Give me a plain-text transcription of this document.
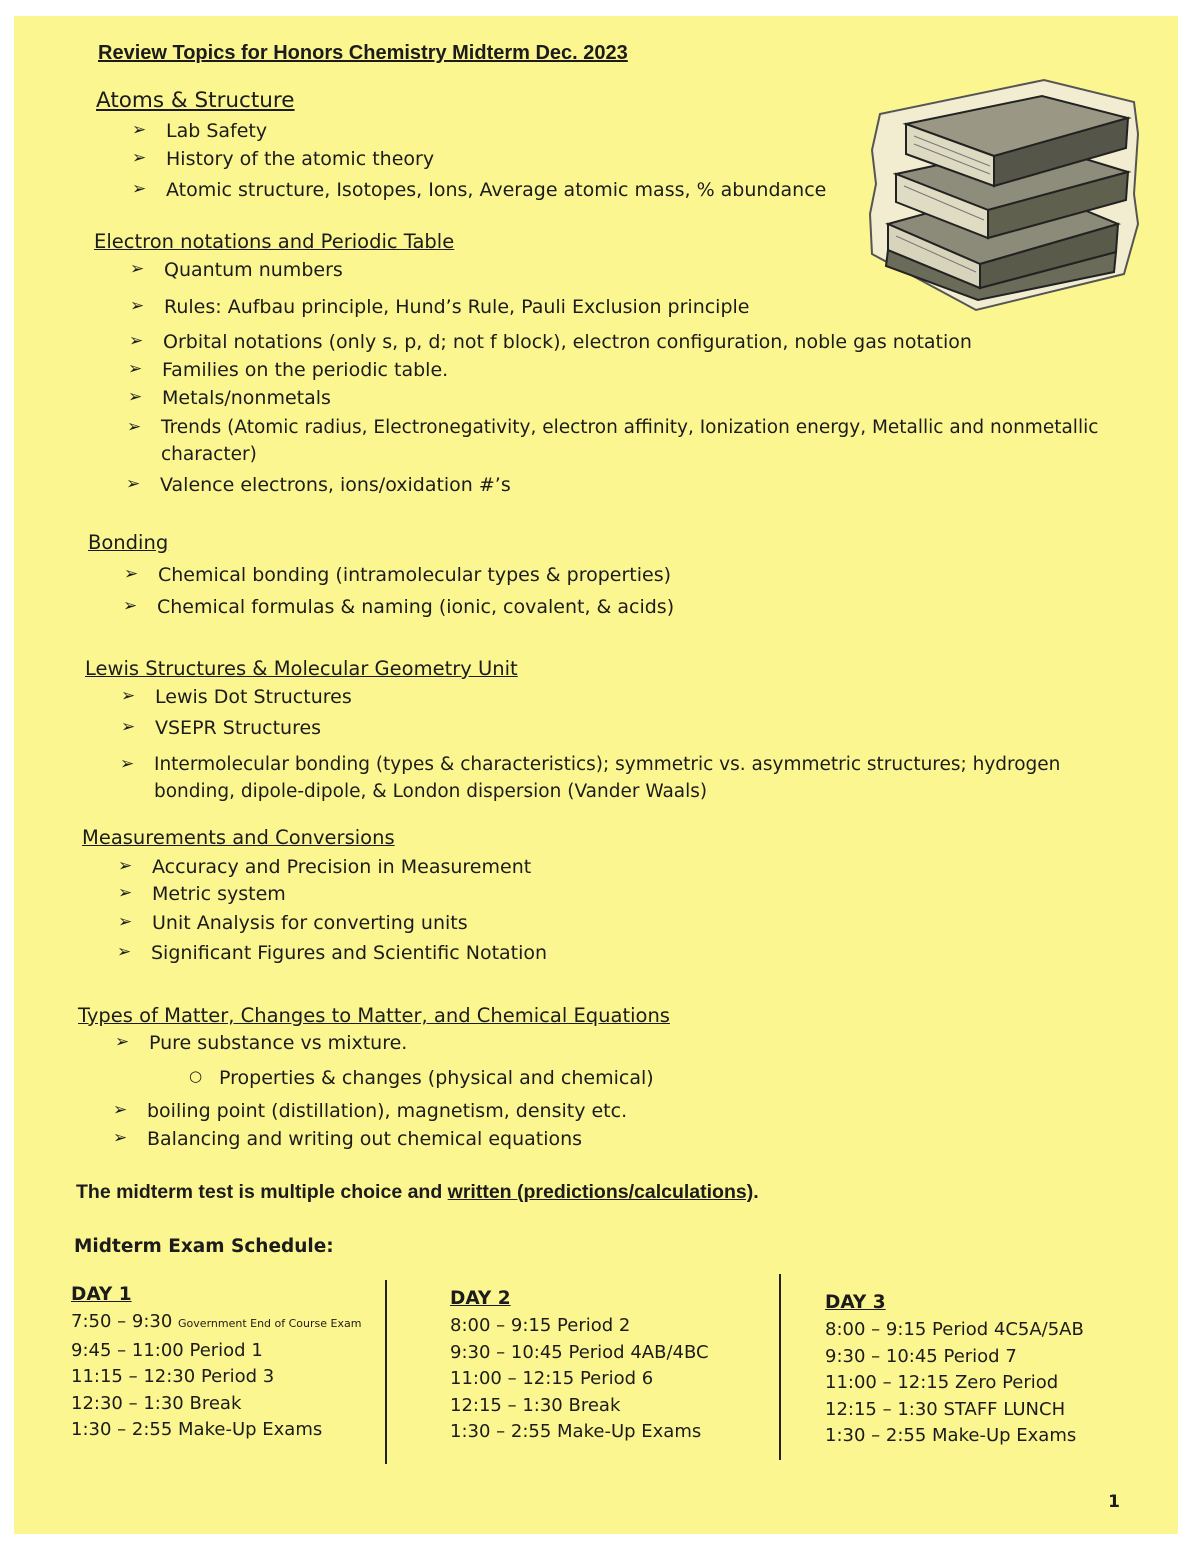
Review Topics for Honors Chemistry Midterm Dec. 2023
Atoms & Structure
➢ Lab Safety
➢ History of the atomic theory
➢ Atomic structure, Isotopes, Ions, Average atomic mass, % abundance
Electron notations and Periodic Table
➢ Quantum numbers
➢ Rules: Aufbau principle, Hund’s Rule, Pauli Exclusion principle
➢ Orbital notations (only s, p, d; not f block), electron configuration, noble gas notation
➢ Families on the periodic table.
➢ Metals/nonmetals
➢ Trends (Atomic radius, Electronegativity, electron affinity, Ionization energy, Metallic and nonmetallic
character)
➢ Valence electrons, ions/oxidation #’s
Bonding
➢ Chemical bonding (intramolecular types & properties)
➢ Chemical formulas & naming (ionic, covalent, & acids)
Lewis Structures & Molecular Geometry Unit
➢ Lewis Dot Structures
➢ VSEPR Structures
➢ Intermolecular bonding (types & characteristics); symmetric vs. asymmetric structures; hydrogen
bonding, dipole-dipole, & London dispersion (Vander Waals)
Measurements and Conversions
➢ Accuracy and Precision in Measurement
➢ Metric system
➢ Unit Analysis for converting units
➢ Significant Figures and Scientific Notation
Types of Matter, Changes to Matter, and Chemical Equations
➢ Pure substance vs mixture.
○ Properties & changes (physical and chemical)
➢ boiling point (distillation), magnetism, density etc.
➢ Balancing and writing out chemical equations
The midterm test is multiple choice and written (predictions/calculations).
Midterm Exam Schedule:
DAY 1
7:50 – 9:30 Government End of Course Exam
9:45 – 11:00 Period 1
11:15 – 12:30 Period 3
12:30 – 1:30 Break
1:30 – 2:55 Make-Up Exams
DAY 2
8:00 – 9:15 Period 2
9:30 – 10:45 Period 4AB/4BC
11:00 – 12:15 Period 6
12:15 – 1:30 Break
1:30 – 2:55 Make-Up Exams
DAY 3
8:00 – 9:15 Period 4C5A/5AB
9:30 – 10:45 Period 7
11:00 – 12:15 Zero Period
12:15 – 1:30 STAFF LUNCH
1:30 – 2:55 Make-Up Exams
1
